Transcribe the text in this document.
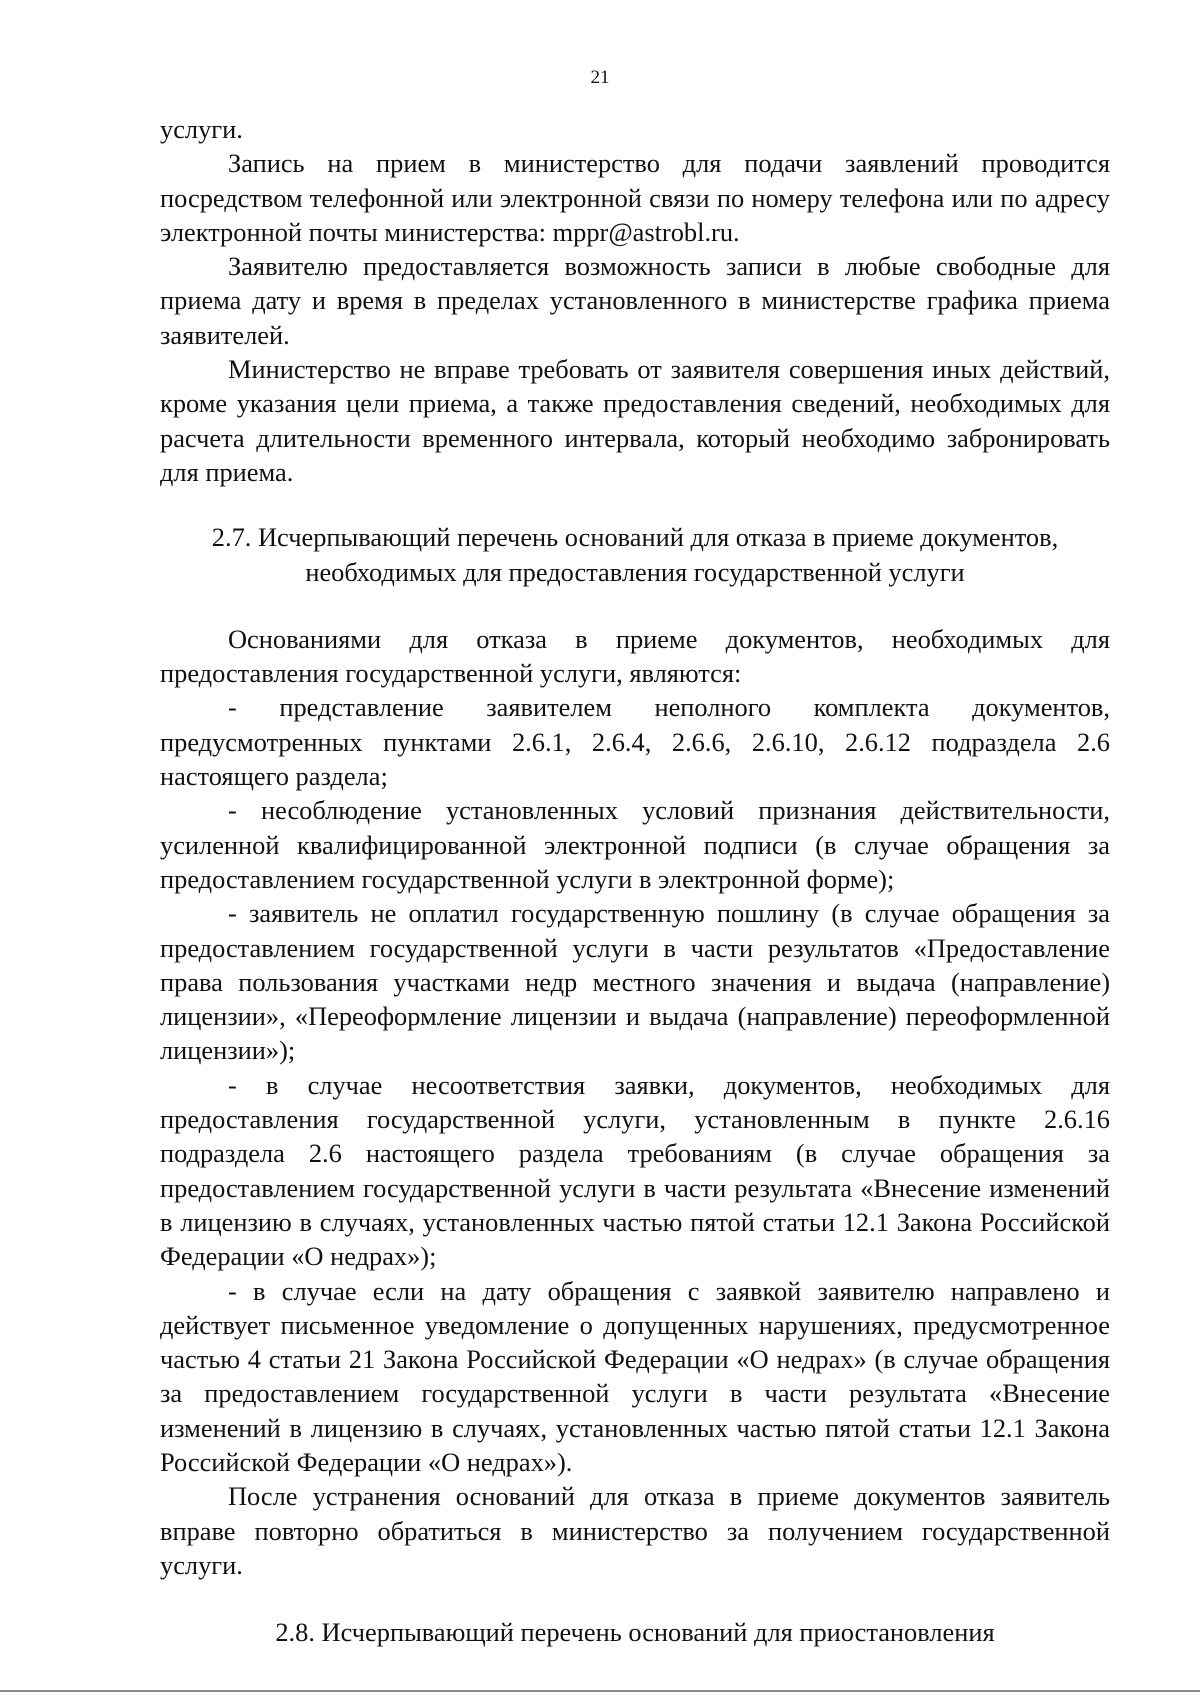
21

услуги.

Запись на прием в министерство для подачи заявлений проводится посредством телефонной или электронной связи по номеру телефона или по адресу электронной почты министерства: mppr@astrobl.ru.

Заявителю предоставляется возможность записи в любые свободные для приема дату и время в пределах установленного в министерстве графика приема заявителей.

Министерство не вправе требовать от заявителя совершения иных действий, кроме указания цели приема, а также предоставления сведений, необходимых для расчета длительности временного интервала, который необходимо забронировать для приема.

2.7. Исчерпывающий перечень оснований для отказа в приеме документов,

необходимых для предоставления государственной услуги

Основаниями для отказа в приеме документов, необходимых для предоставления государственной услуги, являются:

- представление заявителем неполного комплекта документов, предусмотренных пунктами 2.6.1, 2.6.4, 2.6.6, 2.6.10, 2.6.12 подраздела 2.6 настоящего раздела;

- несоблюдение установленных условий признания действительности, усиленной квалифицированной электронной подписи (в случае обращения за предоставлением государственной услуги в электронной форме);

- заявитель не оплатил государственную пошлину (в случае обращения за предоставлением государственной услуги в части результатов «Предоставление права пользования участками недр местного значения и выдача (направление) лицензии», «Переоформление лицензии и выдача (направление) переоформленной лицензии»);

- в случае несоответствия заявки, документов, необходимых для предоставления государственной услуги, установленным в пункте 2.6.16 подраздела 2.6 настоящего раздела требованиям (в случае обращения за предоставлением государственной услуги в части результата «Внесение изменений в лицензию в случаях, установленных частью пятой статьи 12.1 Закона Российской Федерации «О недрах»);

- в случае если на дату обращения с заявкой заявителю направлено и действует письменное уведомление о допущенных нарушениях, предусмотренное частью 4 статьи 21 Закона Российской Федерации «О недрах» (в случае обращения за предоставлением государственной услуги в части результата «Внесение изменений в лицензию в случаях, установленных частью пятой статьи 12.1 Закона Российской Федерации «О недрах»).

После устранения оснований для отказа в приеме документов заявитель вправе повторно обратиться в министерство за получением государственной услуги.

2.8. Исчерпывающий перечень оснований для приостановления
